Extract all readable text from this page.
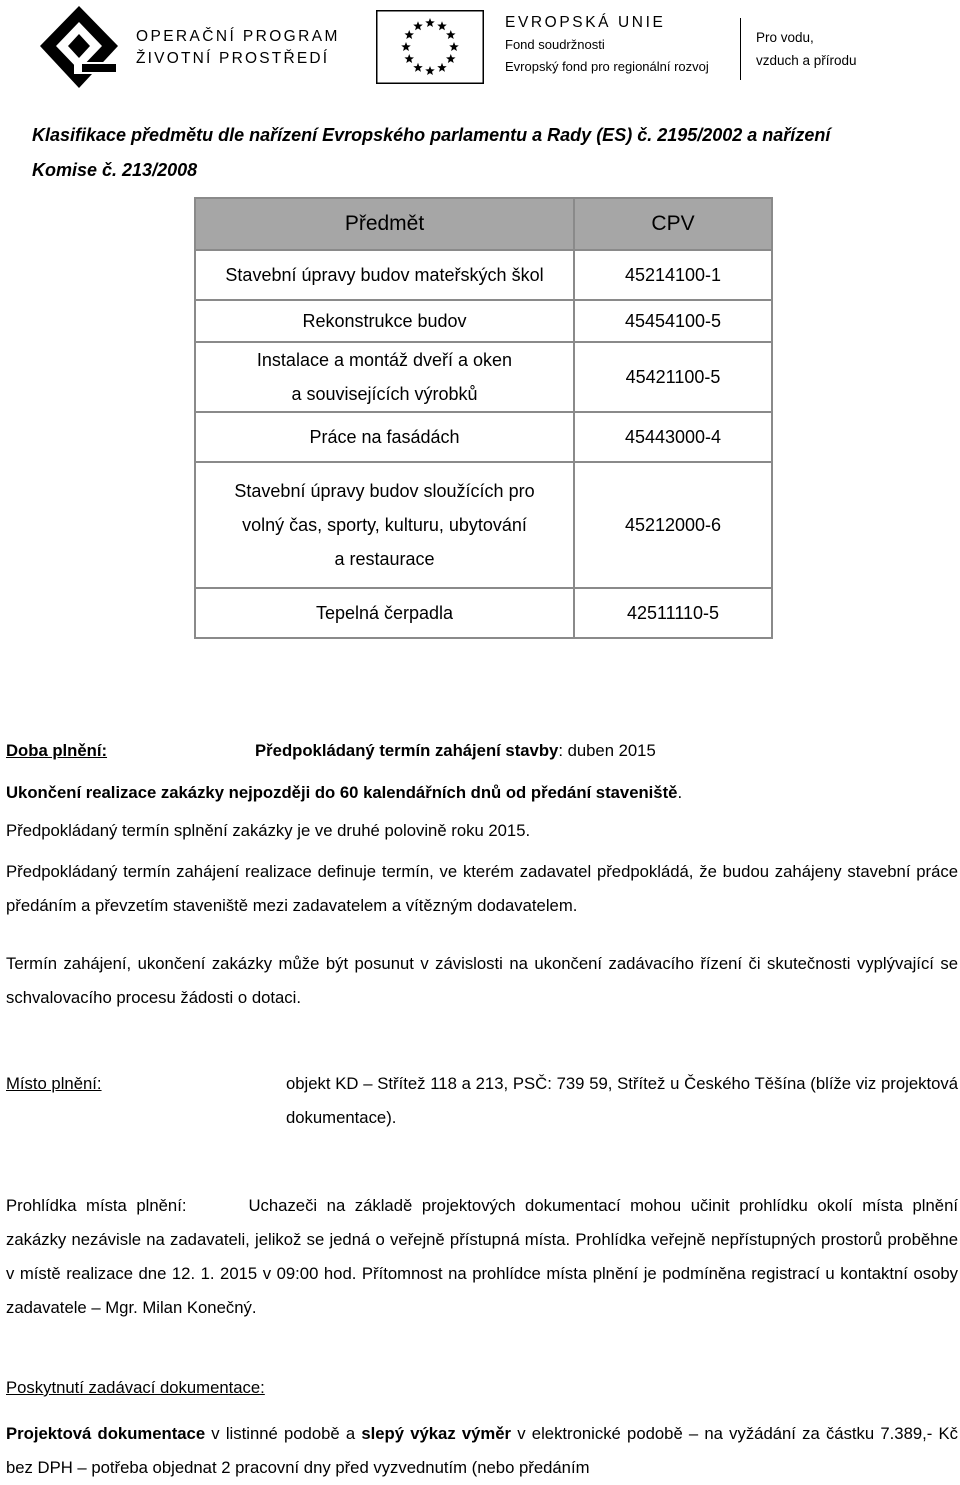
OPERAČNÍ PROGRAM
ŽIVOTNÍ PROSTŘEDÍ
EVROPSKÁ UNIE
Fond soudržnosti
Evropský fond pro regionální rozvoj
Pro vodu,
vzduch a přírodu

Klasifikace předmětu dle nařízení Evropského parlamentu a Rady (ES) č. 2195/2002 a nařízení
Komise č. 213/2008

Předmět	CPV

Stavební úpravy budov mateřských škol	45214100-1

Rekonstrukce budov	45454100-5

Instalace a montáž dveří a oken
a souvisejících výrobků	45421100-5

Práce na fasádách	45443000-4

Stavební úpravy budov sloužících pro
volný čas, sporty, kulturu, ubytování
a restaurace	45212000-6

Tepelná čerpadla	42511110-5

Doba plnění:	Předpokládaný termín zahájení stavby: duben 2015

Ukončení realizace zakázky nejpozději do 60 kalendářních dnů od předání staveniště.

Předpokládaný termín splnění zakázky je ve druhé polovině roku 2015.

Předpokládaný termín zahájení realizace definuje termín, ve kterém zadavatel předpokládá, že budou zahájeny stavební práce předáním a převzetím staveniště mezi zadavatelem a vítězným dodavatelem.

Termín zahájení, ukončení zakázky může být posunut v závislosti na ukončení zadávacího řízení či skutečnosti vyplývající se schvalovacího procesu žádosti o dotaci.

Místo plnění:	objekt KD – Střítež 118 a 213, PSČ: 739 59, Střítež u Českého Těšína (blíže viz projektová dokumentace).

Prohlídka místa plnění:	Uchazeči na základě projektových dokumentací mohou učinit prohlídku okolí místa plnění zakázky nezávisle na zadavateli, jelikož se jedná o veřejně přístupná místa. Prohlídka veřejně nepřístupných prostorů proběhne v místě realizace dne 12. 1. 2015 v 09:00 hod. Přítomnost na prohlídce místa plnění je podmíněna registrací u kontaktní osoby zadavatele – Mgr. Milan Konečný.

Poskytnutí zadávací dokumentace:

Projektová dokumentace v listinné podobě a slepý výkaz výměr v elektronické podobě – na vyžádání za částku 7.389,- Kč bez DPH – potřeba objednat 2 pracovní dny před vyzvednutím (nebo předáním
